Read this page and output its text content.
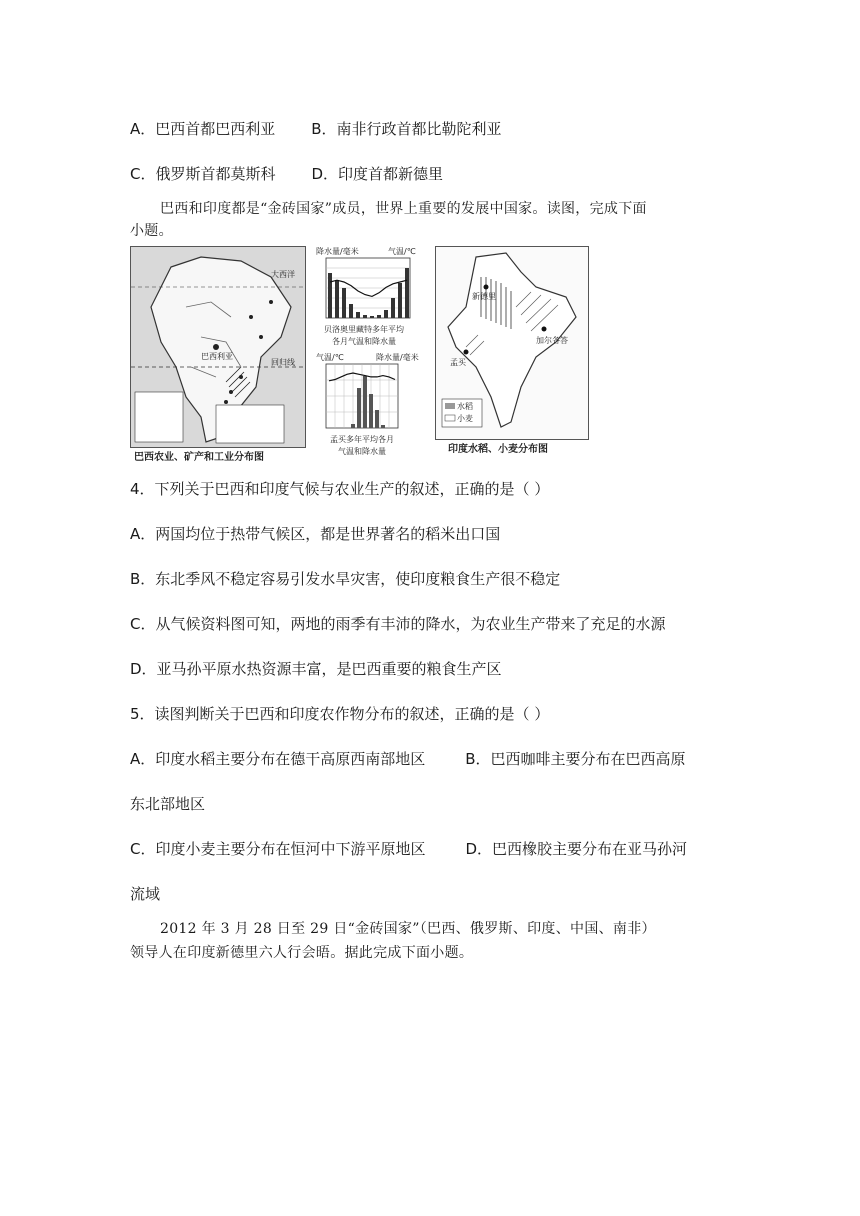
A．巴西首都巴西利亚 B．南非行政首都比勒陀利亚
C．俄罗斯首都莫斯科 D．印度首都新德里
巴西和印度都是“金砖国家”成员，世界上重要的发展中国家。读图，完成下面
小题。
大西洋
巴西利亚
回归线
巴西农业、矿产和工业分布图
降水量/毫米	气温/℃
贝洛奥里藏特多年平均
各月气温和降水量
气温/℃	降水量/毫米
孟买多年平均各月
气温和降水量
新德里
孟买
加尔各答
水稻
小麦
印度水稻、小麦分布图
4．下列关于巴西和印度气候与农业生产的叙述，正确的是（ ）
A．两国均位于热带气候区，都是世界著名的稻米出口国
B．东北季风不稳定容易引发水旱灾害，使印度粮食生产很不稳定
C．从气候资料图可知，两地的雨季有丰沛的降水，为农业生产带来了充足的水源
D．亚马孙平原水热资源丰富，是巴西重要的粮食生产区
5．读图判断关于巴西和印度农作物分布的叙述，正确的是（ ）
A．印度水稻主要分布在德干高原西南部地区	B．巴西咖啡主要分布在巴西高原
东北部地区
C．印度小麦主要分布在恒河中下游平原地区	D．巴西橡胶主要分布在亚马孙河
流域
2012 年 3 月 28 日至 29 日“金砖国家”（巴西、俄罗斯、印度、中国、南非）
领导人在印度新德里六人行会晤。据此完成下面小题。
